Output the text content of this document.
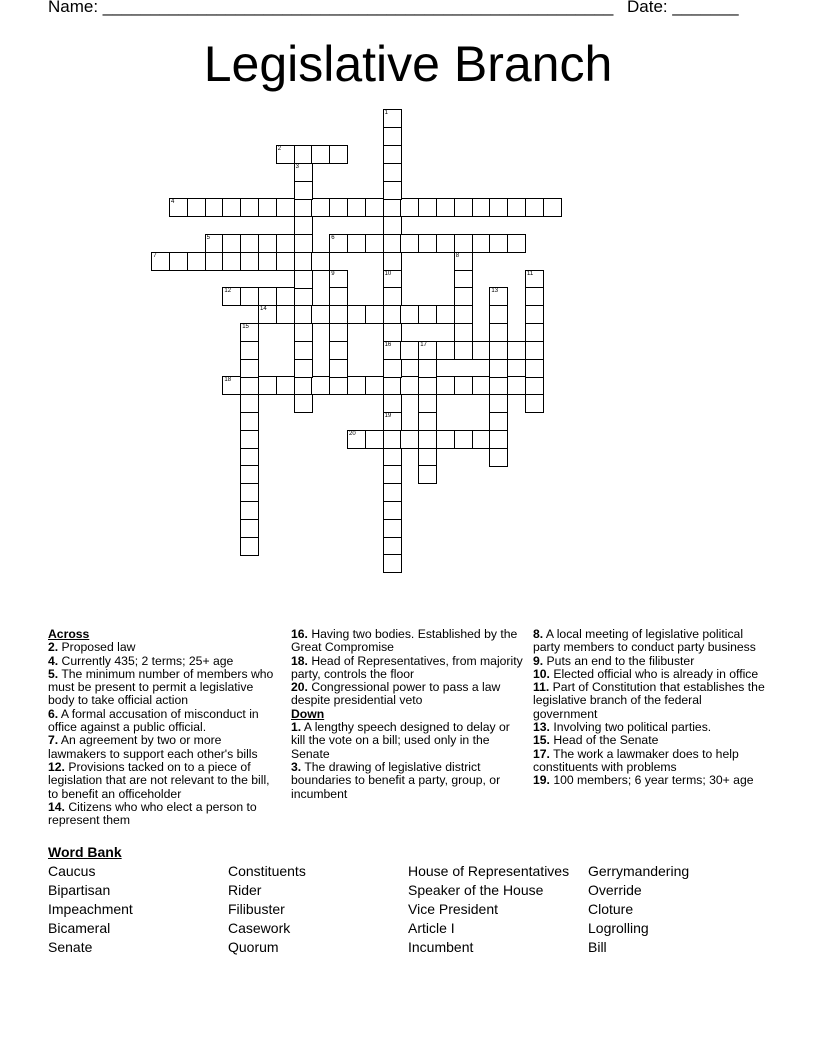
Name: ______________________________________________________ Date: _______
Legislative Branch
2
4
5	6
7
12
14
16	17
18
20
1
10
3
8
9
19
11
13
15
Across
2. Proposed law
4. Currently 435; 2 terms; 25+ age
5. The minimum number of members who must be present to permit a legislative body to take official action
6. A formal accusation of misconduct in office against a public official.
7. An agreement by two or more lawmakers to support each other's bills
12. Provisions tacked on to a piece of legislation that are not relevant to the bill, to benefit an officeholder
14. Citizens who who elect a person to represent them
16. Having two bodies. Established by the Great Compromise
18. Head of Representatives, from majority party, controls the floor
20. Congressional power to pass a law despite presidential veto
Down
1. A lengthy speech designed to delay or kill the vote on a bill; used only in the Senate
3. The drawing of legislative district boundaries to benefit a party, group, or incumbent
8. A local meeting of legislative political party members to conduct party business
9. Puts an end to the filibuster
10. Elected official who is already in office
11. Part of Constitution that establishes the legislative branch of the federal government
13. Involving two political parties.
15. Head of the Senate
17. The work a lawmaker does to help constituents with problems
19. 100 members; 6 year terms; 30+ age
Word Bank
Caucus
Bipartisan
Impeachment
Bicameral
Senate
Constituents
Rider
Filibuster
Casework
Quorum
House of Representatives
Speaker of the House
Vice President
Article I
Incumbent
Gerrymandering
Override
Cloture
Logrolling
Bill
